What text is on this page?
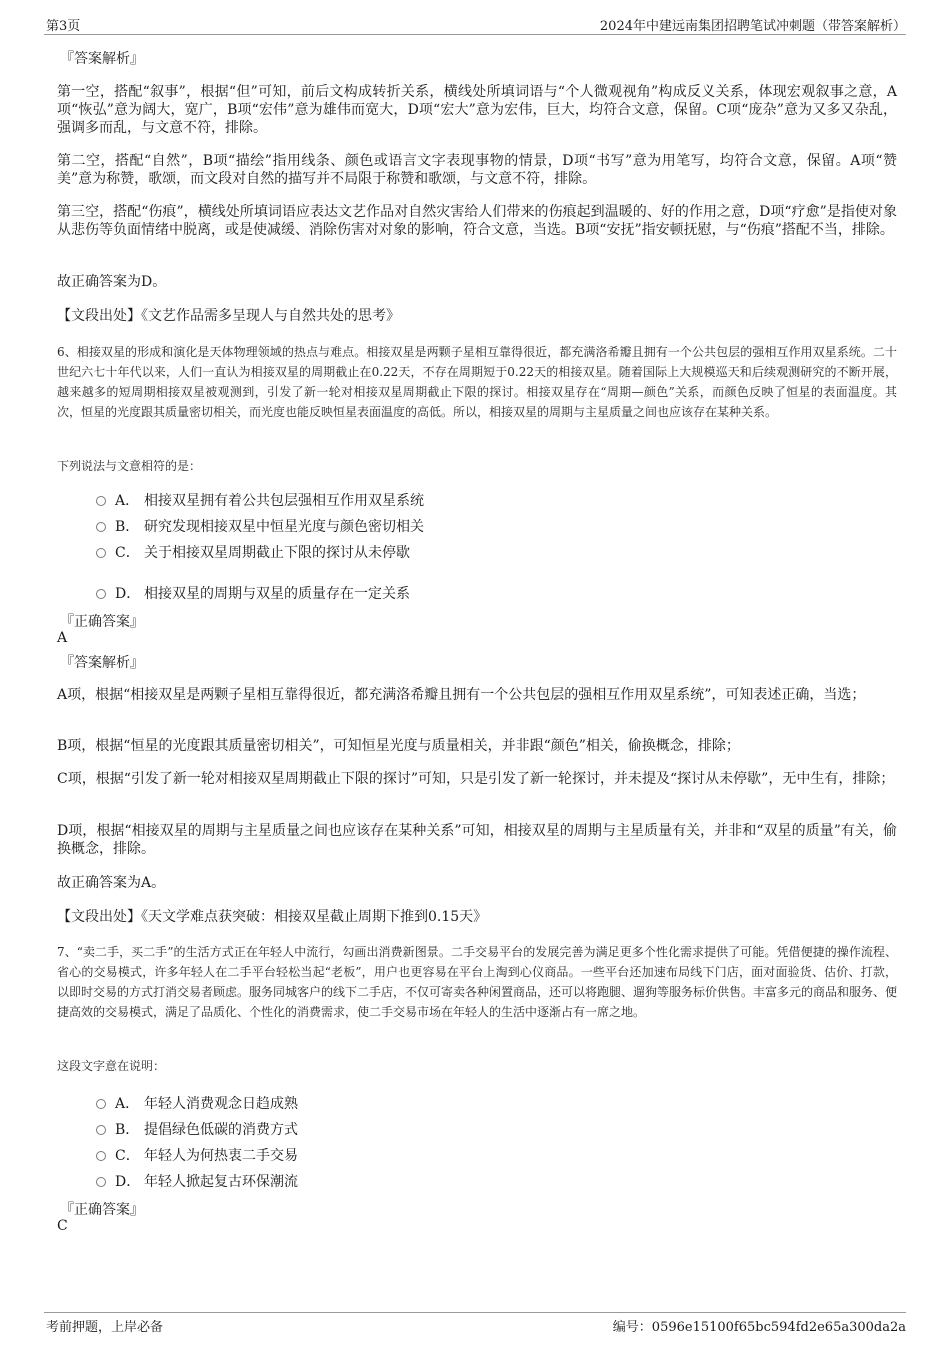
第3页	2024年中建远南集团招聘笔试冲刺题（带答案解析）
『答案解析』
第一空，搭配“叙事”，根据“但”可知，前后文构成转折关系，横线处所填词语与“个人微观视角”构成反义关系，体现宏观叙事之意，A项“恢弘”意为阔大，宽广，B项“宏伟”意为雄伟而宽大，D项“宏大”意为宏伟，巨大，均符合文意，保留。C项“庞杂”意为又多又杂乱，强调多而乱，与文意不符，排除。
第二空，搭配“自然”，B项“描绘”指用线条、颜色或语言文字表现事物的情景，D项“书写”意为用笔写，均符合文意，保留。A项“赞美”意为称赞，歌颂，而文段对自然的描写并不局限于称赞和歌颂，与文意不符，排除。
第三空，搭配“伤痕”，横线处所填词语应表达文艺作品对自然灾害给人们带来的伤痕起到温暖的、好的作用之意，D项“疗愈”是指使对象从悲伤等负面情绪中脱离，或是使减缓、消除伤害对对象的影响，符合文意，当选。B项“安抚”指安顿抚慰，与“伤痕”搭配不当，排除。
故正确答案为D。
【文段出处】《文艺作品需多呈现人与自然共处的思考》
6、相接双星的形成和演化是天体物理领域的热点与难点。相接双星是两颗子星相互靠得很近，都充满洛希瓣且拥有一个公共包层的强相互作用双星系统。二十世纪六七十年代以来，人们一直认为相接双星的周期截止在0.22天，不存在周期短于0.22天的相接双星。随着国际上大规模巡天和后续观测研究的不断开展，越来越多的短周期相接双星被观测到，引发了新一轮对相接双星周期截止下限的探讨。相接双星存在“周期—颜色”关系，而颜色反映了恒星的表面温度。其次，恒星的光度跟其质量密切相关，而光度也能反映恒星表面温度的高低。所以，相接双星的周期与主星质量之间也应该存在某种关系。
下列说法与文意相符的是：
A． 相接双星拥有着公共包层强相互作用双星系统
B． 研究发现相接双星中恒星光度与颜色密切相关
C． 关于相接双星周期截止下限的探讨从未停歇
D． 相接双星的周期与双星的质量存在一定关系
『正确答案』
A
『答案解析』
A项，根据“相接双星是两颗子星相互靠得很近，都充满洛希瓣且拥有一个公共包层的强相互作用双星系统”，可知表述正确，当选；
B项，根据“恒星的光度跟其质量密切相关”，可知恒星光度与质量相关，并非跟“颜色”相关，偷换概念，排除；
C项，根据“引发了新一轮对相接双星周期截止下限的探讨”可知，只是引发了新一轮探讨，并未提及“探讨从未停歇”，无中生有，排除；
D项，根据“相接双星的周期与主星质量之间也应该存在某种关系”可知，相接双星的周期与主星质量有关，并非和“双星的质量”有关，偷换概念，排除。
故正确答案为A。
【文段出处】《天文学难点获突破：相接双星截止周期下推到0.15天》
7、“卖二手，买二手”的生活方式正在年轻人中流行，勾画出消费新图景。二手交易平台的发展完善为满足更多个性化需求提供了可能。凭借便捷的操作流程、省心的交易模式，许多年轻人在二手平台轻松当起“老板”，用户也更容易在平台上淘到心仪商品。一些平台还加速布局线下门店，面对面验货、估价、打款，以即时交易的方式打消交易者顾虑。服务同城客户的线下二手店，不仅可寄卖各种闲置商品，还可以将跑腿、遛狗等服务标价供售。丰富多元的商品和服务、便捷高效的交易模式，满足了品质化、个性化的消费需求，使二手交易市场在年轻人的生活中逐渐占有一席之地。
这段文字意在说明：
A． 年轻人消费观念日趋成熟
B． 提倡绿色低碳的消费方式
C． 年轻人为何热衷二手交易
D． 年轻人掀起复古环保潮流
『正确答案』
C
考前押题，上岸必备	编号：0596e15100f65bc594fd2e65a300da2a
